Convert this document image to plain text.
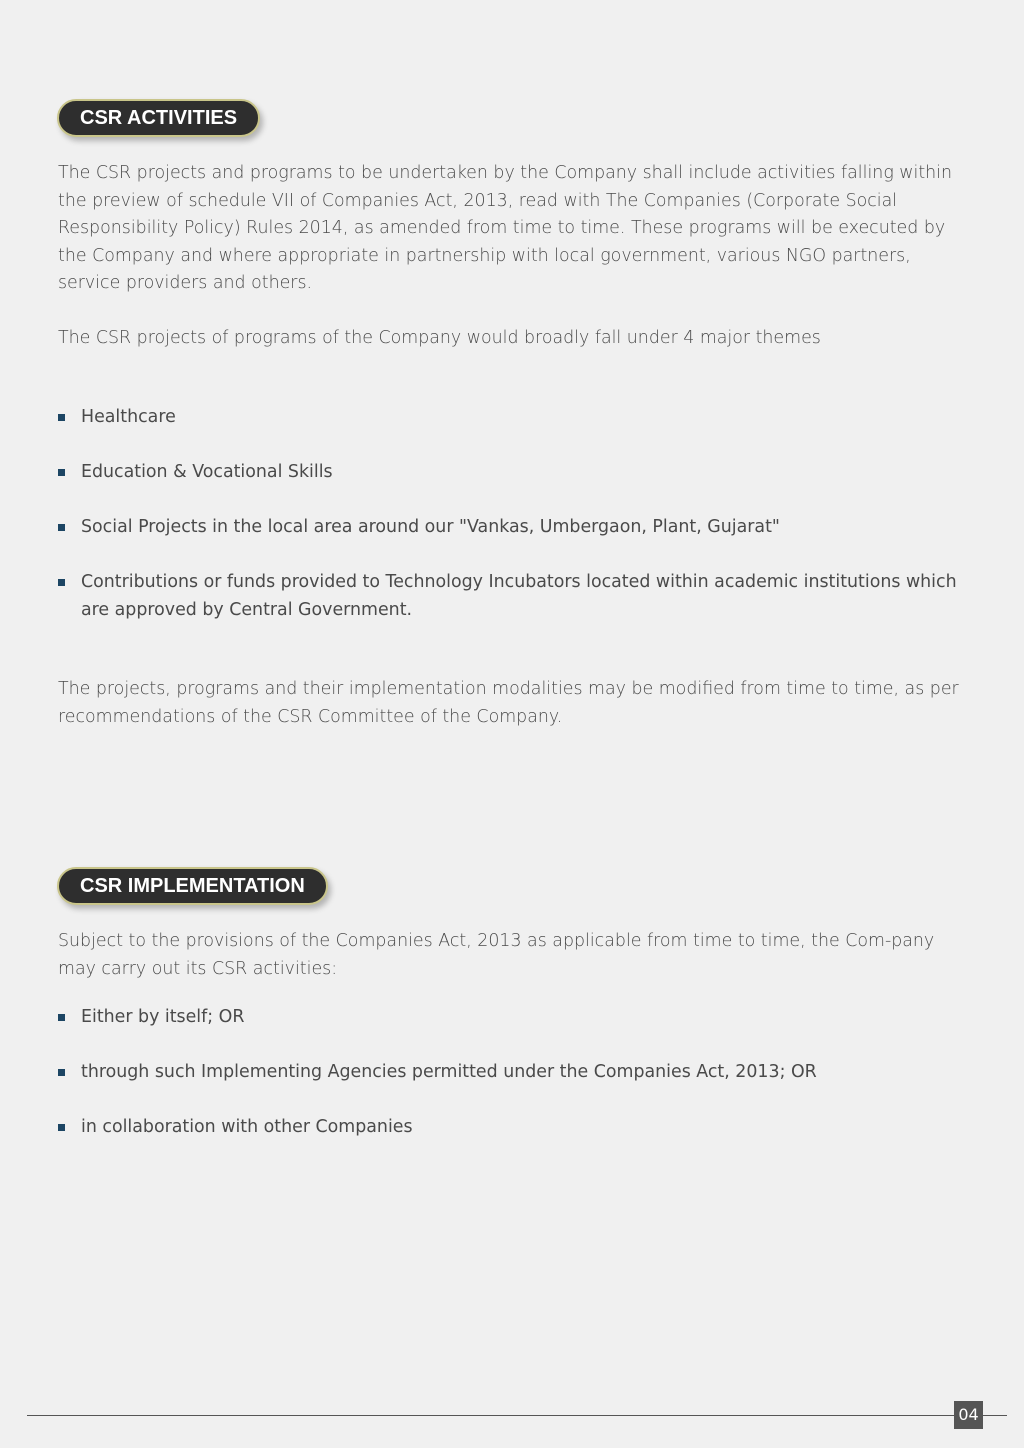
CSR ACTIVITIES

The CSR projects and programs to be undertaken by the Company shall include activities falling within the preview of schedule VII of Companies Act, 2013, read with The Companies (Corporate Social Responsibility Policy) Rules 2014, as amended from time to time. These programs will be executed by the Company and where appropriate in partnership with local government, various NGO partners, service providers and others.

The CSR projects of programs of the Company would broadly fall under 4 major themes

Healthcare
Education & Vocational Skills
Social Projects in the local area around our "Vankas, Umbergaon, Plant, Gujarat"
Contributions or funds provided to Technology Incubators located within academic institutions which are approved by Central Government.

The projects, programs and their implementation modalities may be modified from time to time, as per recommendations of the CSR Committee of the Company.

CSR IMPLEMENTATION

Subject to the provisions of the Companies Act, 2013 as applicable from time to time, the Com-pany may carry out its CSR activities:

Either by itself; OR
through such Implementing Agencies permitted under the Companies Act, 2013; OR
in collaboration with other Companies
04
